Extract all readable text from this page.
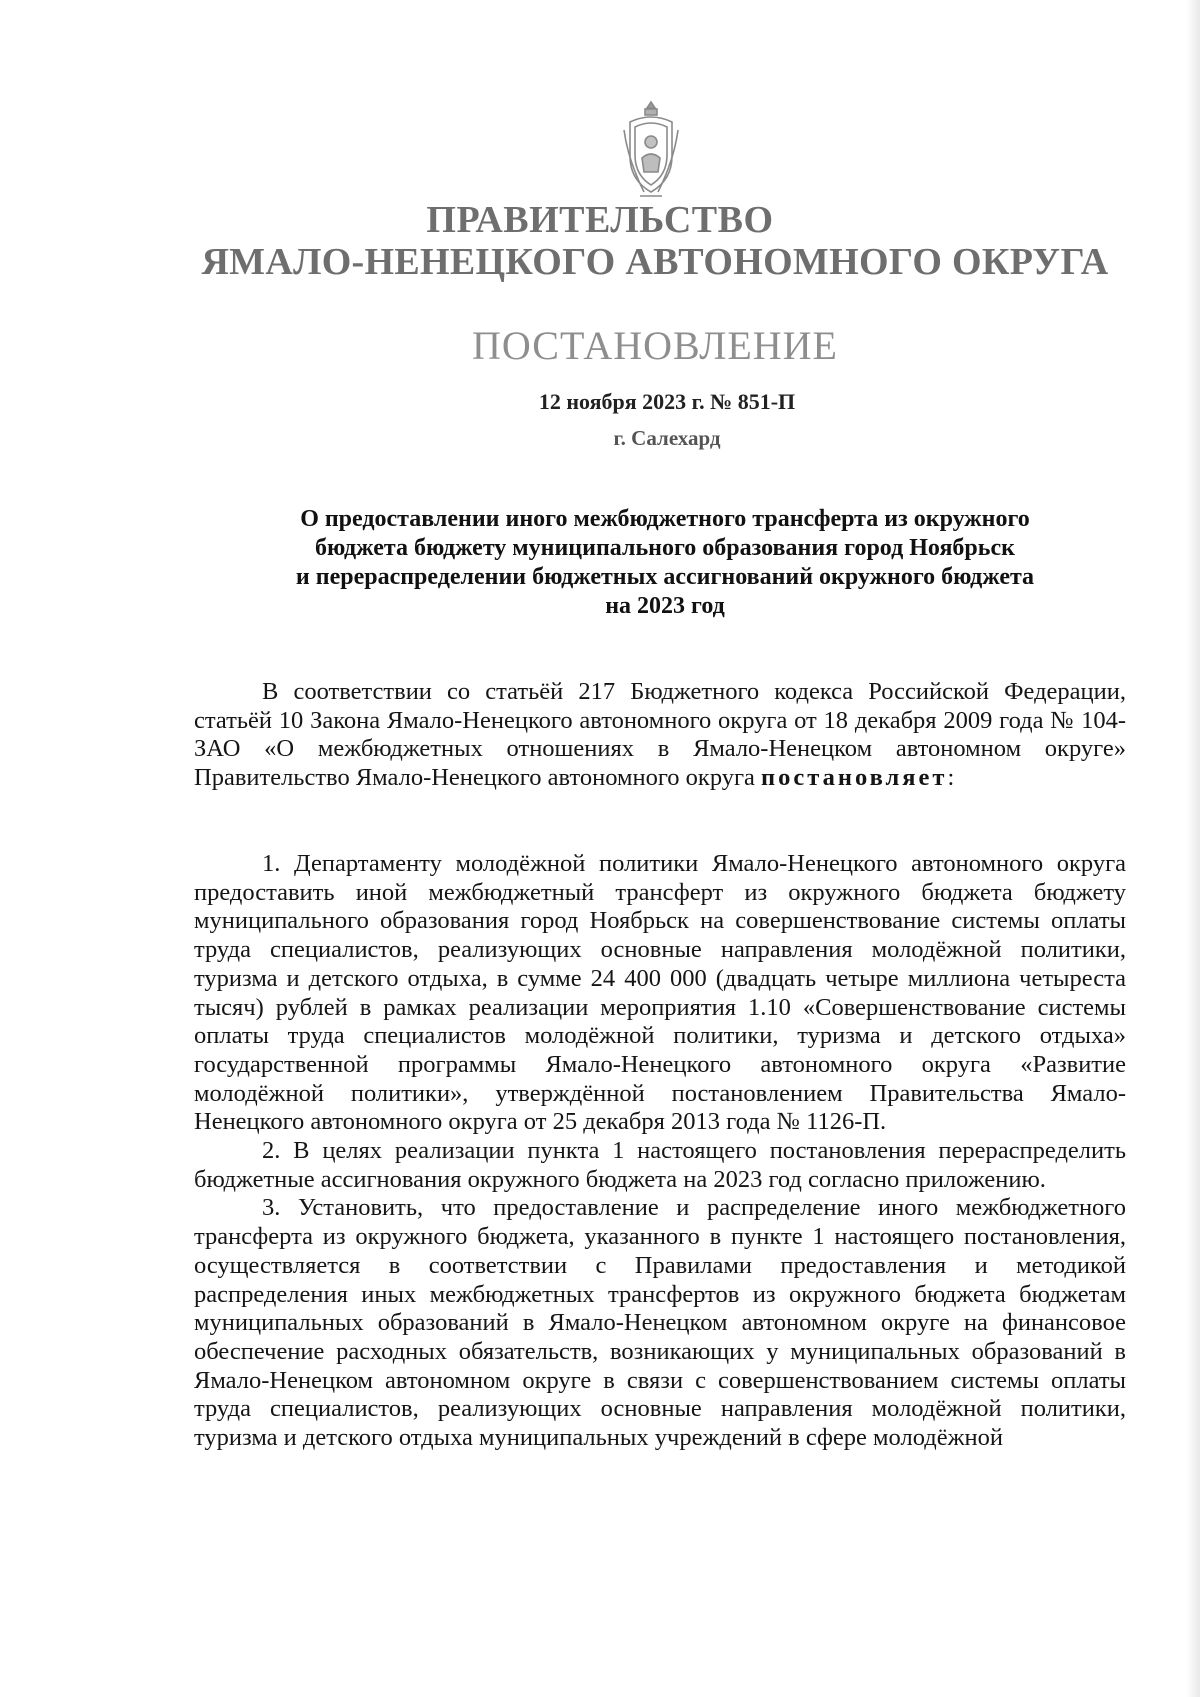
ПРАВИТЕЛЬСТВО
ЯМАЛО-НЕНЕЦКОГО АВТОНОМНОГО ОКРУГА
ПОСТАНОВЛЕНИЕ
12 ноября 2023 г. № 851-П
г. Салехард
О предоставлении иного межбюджетного трансферта из окружного
бюджета бюджету муниципального образования город Ноябрьск
и перераспределении бюджетных ассигнований окружного бюджета
на 2023 год

В соответствии со статьёй 217 Бюджетного кодекса Российской Федерации, статьёй 10 Закона Ямало-Ненецкого автономного округа от 18 декабря 2009 года № 104-ЗАО «О межбюджетных отношениях в Ямало-Ненецком автономном округе» Правительство Ямало-Ненецкого автономного округа постановляет:

1. Департаменту молодёжной политики Ямало-Ненецкого автономного округа предоставить иной межбюджетный трансферт из окружного бюджета бюджету муниципального образования город Ноябрьск на совершенствование системы оплаты труда специалистов, реализующих основные направления молодёжной политики, туризма и детского отдыха, в сумме 24 400 000 (двадцать четыре миллиона четыреста тысяч) рублей в рамках реализации мероприятия 1.10 «Совершенствование системы оплаты труда специалистов молодёжной политики, туризма и детского отдыха» государственной программы Ямало-Ненецкого автономного округа «Развитие молодёжной политики», утверждённой постановлением Правительства Ямало-Ненецкого автономного округа от 25 декабря 2013 года № 1126-П.

2. В целях реализации пункта 1 настоящего постановления перераспределить бюджетные ассигнования окружного бюджета на 2023 год согласно приложению.

3. Установить, что предоставление и распределение иного межбюджетного трансферта из окружного бюджета, указанного в пункте 1 настоящего постановления, осуществляется в соответствии с Правилами предоставления и методикой распределения иных межбюджетных трансфертов из окружного бюджета бюджетам муниципальных образований в Ямало-Ненецком автономном округе на финансовое обеспечение расходных обязательств, возникающих у муниципальных образований в Ямало-Ненецком автономном округе в связи с совершенствованием системы оплаты труда специалистов, реализующих основные направления молодёжной политики, туризма и детского отдыха муниципальных учреждений в сфере молодёжной
